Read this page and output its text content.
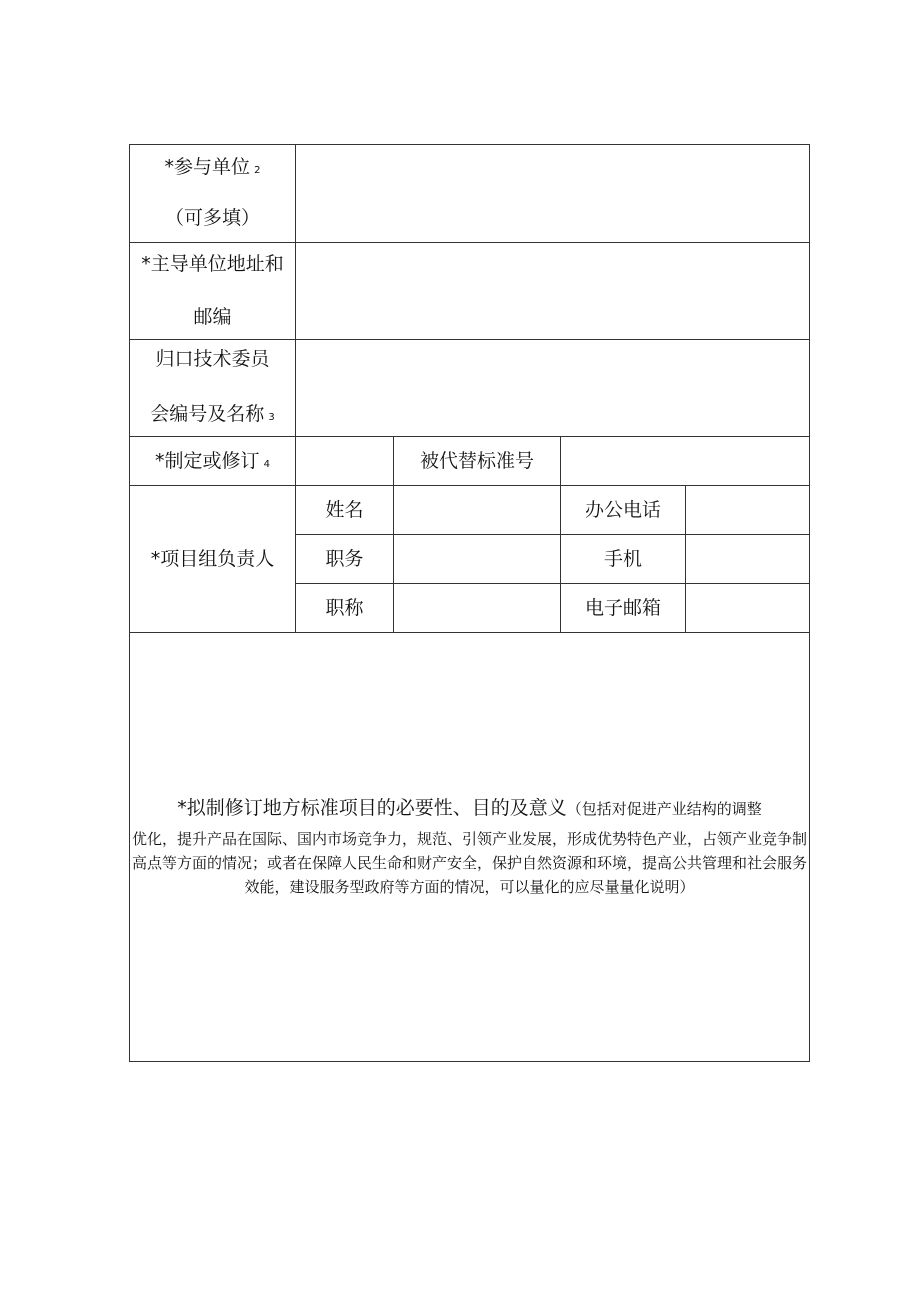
*参与单位 2
（可多填）				

*主导单位地址和
邮编				

归口技术委员
会编号及名称 3				

*制定或修订 4		被代替标准号		
*项目组负责人	姓名		办公电话	
	职务		手机	
	职称		电子邮箱	

*拟制修订地方标准项目的必要性、目的及意义（包括对促进产业结构的调整
优化，提升产品在国际、国内市场竞争力，规范、引领产业发展，形成优势特色产业，占领产业竞争制高点等方面的情况；或者在保障人民生命和财产安全，保护自然资源和环境，提高公共管理和社会服务效能，建设服务型政府等方面的情况，可以量化的应尽量量化说明）				
